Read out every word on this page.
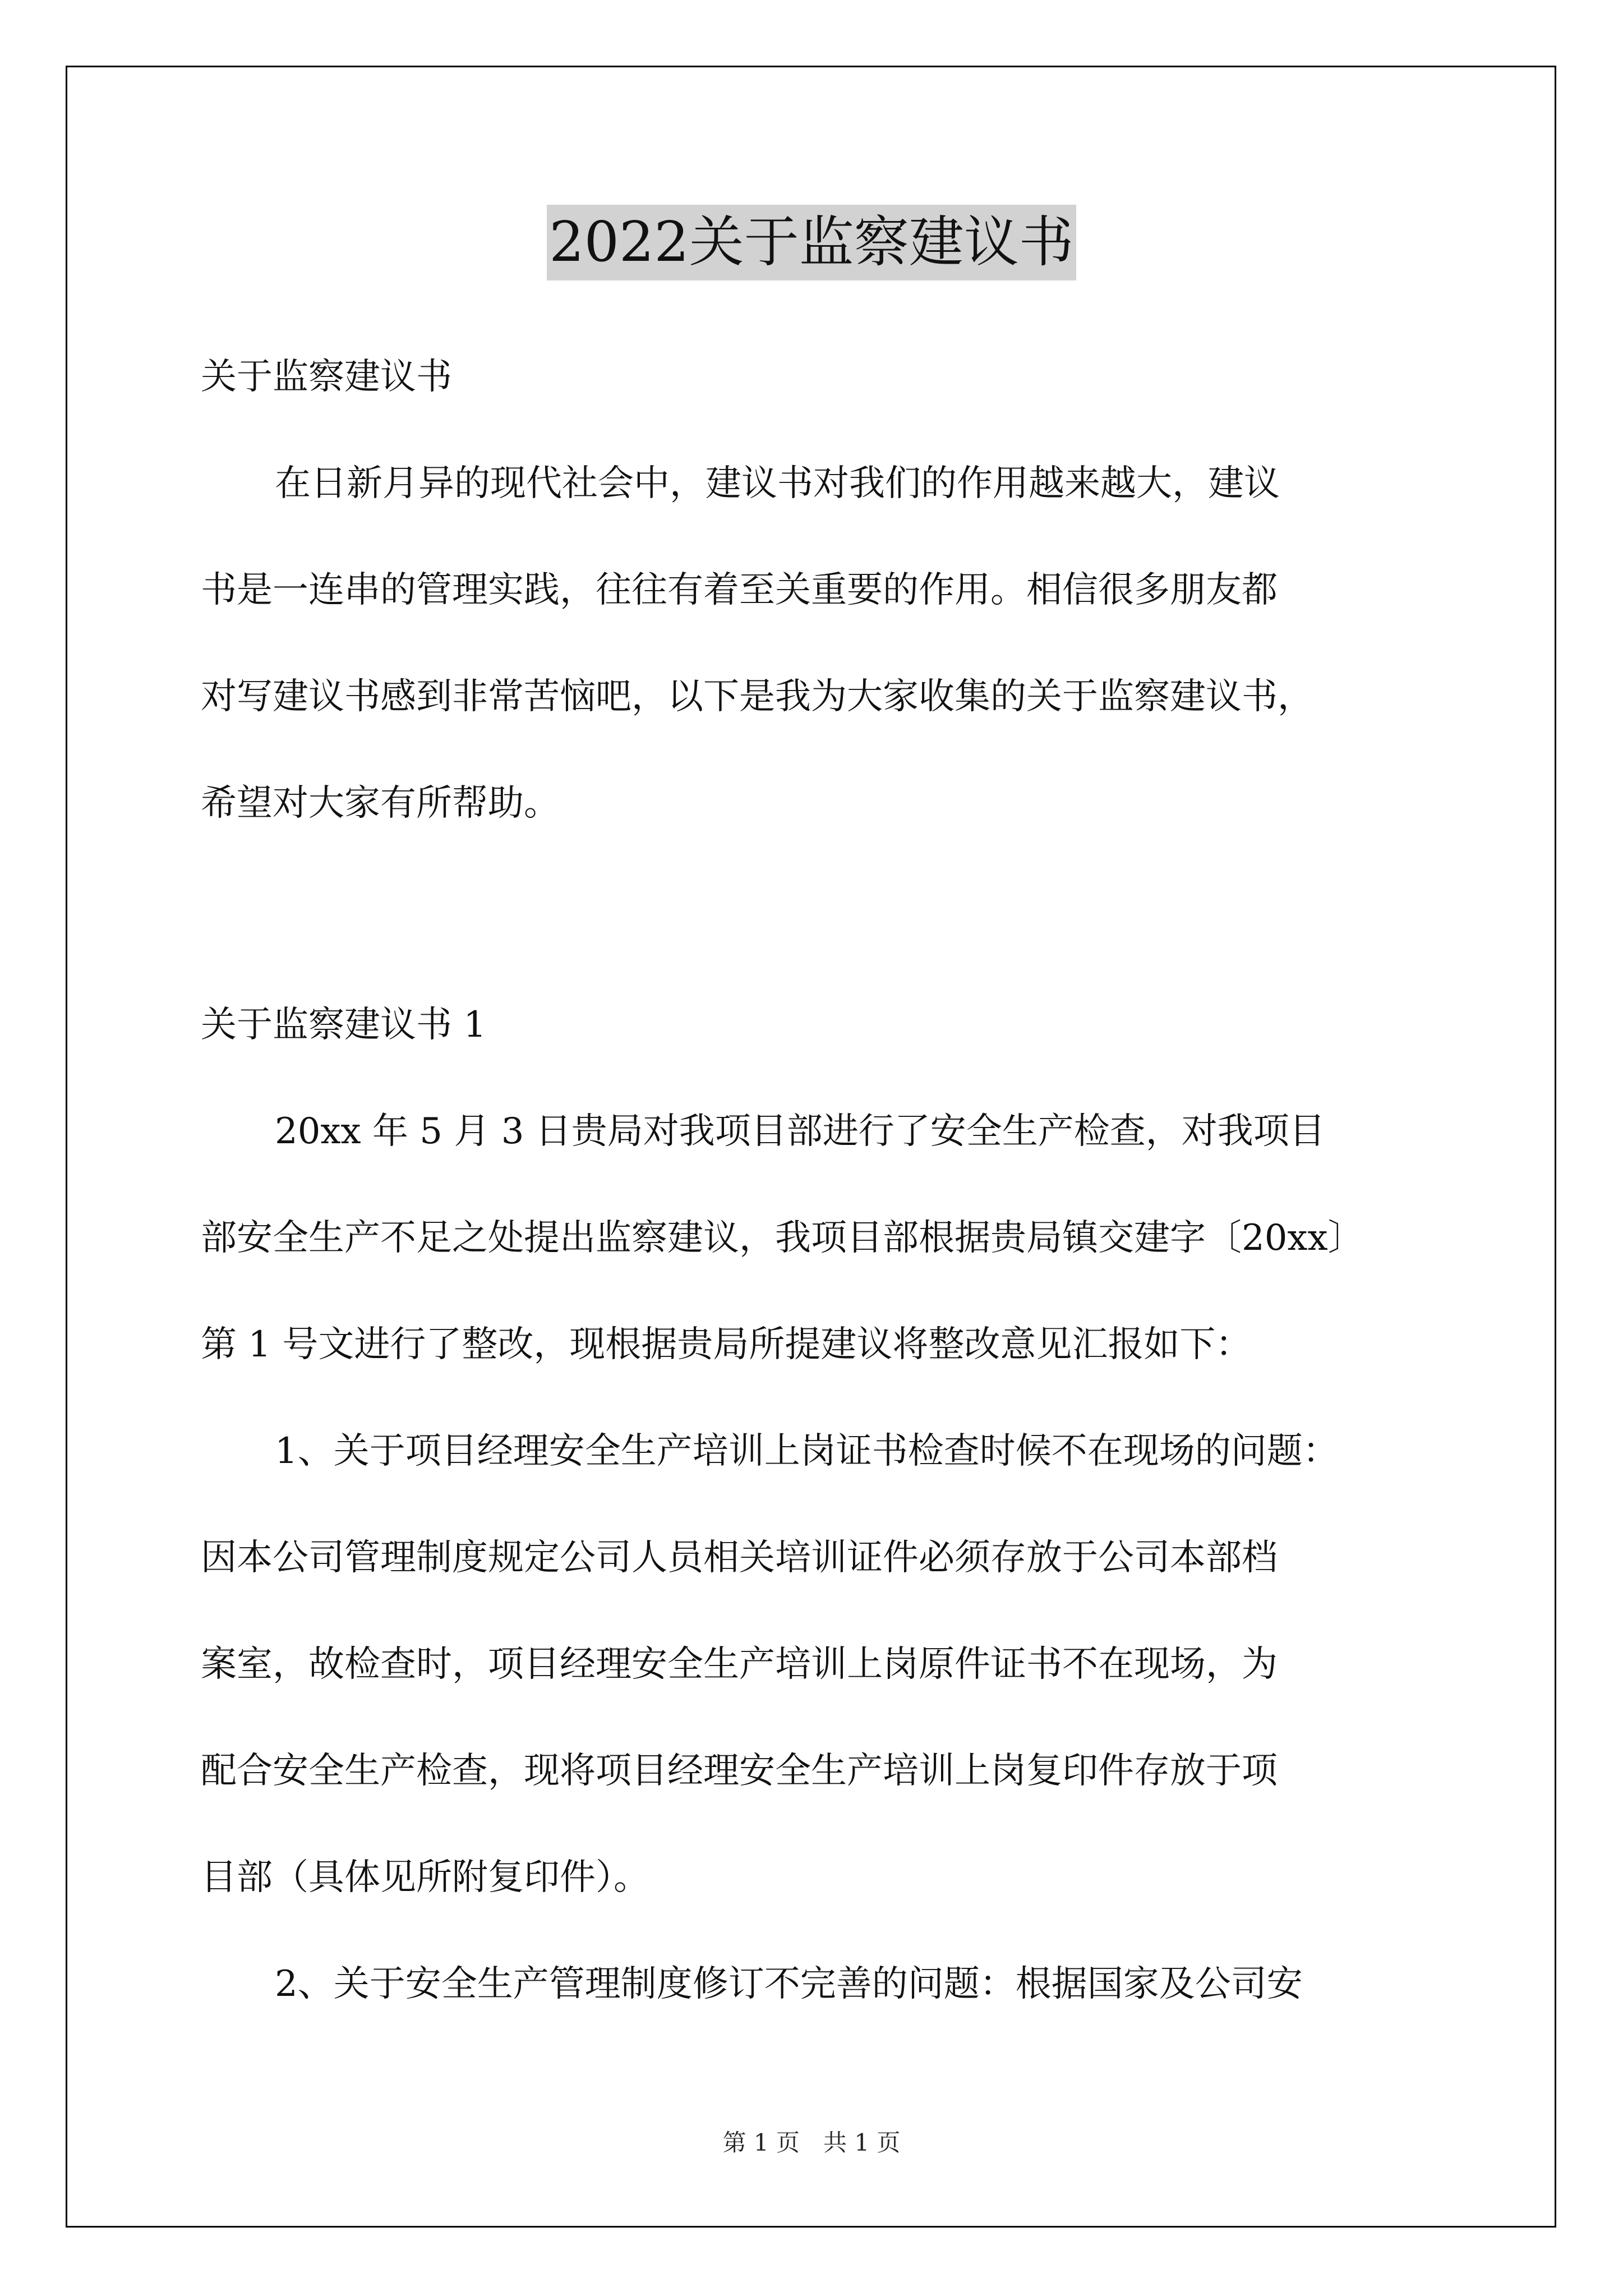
2022关于监察建议书
关于监察建议书
在日新月异的现代社会中，建议书对我们的作用越来越大，建议
书是一连串的管理实践，往往有着至关重要的作用。相信很多朋友都
对写建议书感到非常苦恼吧，以下是我为大家收集的关于监察建议书，
希望对大家有所帮助。
关于监察建议书 1
20xx 年 5 月 3 日贵局对我项目部进行了安全生产检查，对我项目
部安全生产不足之处提出监察建议，我项目部根据贵局镇交建字〔20xx〕
第 1 号文进行了整改，现根据贵局所提建议将整改意见汇报如下：
1、关于项目经理安全生产培训上岗证书检查时候不在现场的问题：
因本公司管理制度规定公司人员相关培训证件必须存放于公司本部档
案室，故检查时，项目经理安全生产培训上岗原件证书不在现场，为
配合安全生产检查，现将项目经理安全生产培训上岗复印件存放于项
目部（具体见所附复印件）。
2、关于安全生产管理制度修订不完善的问题：根据国家及公司安
第 1 页　共 1 页
